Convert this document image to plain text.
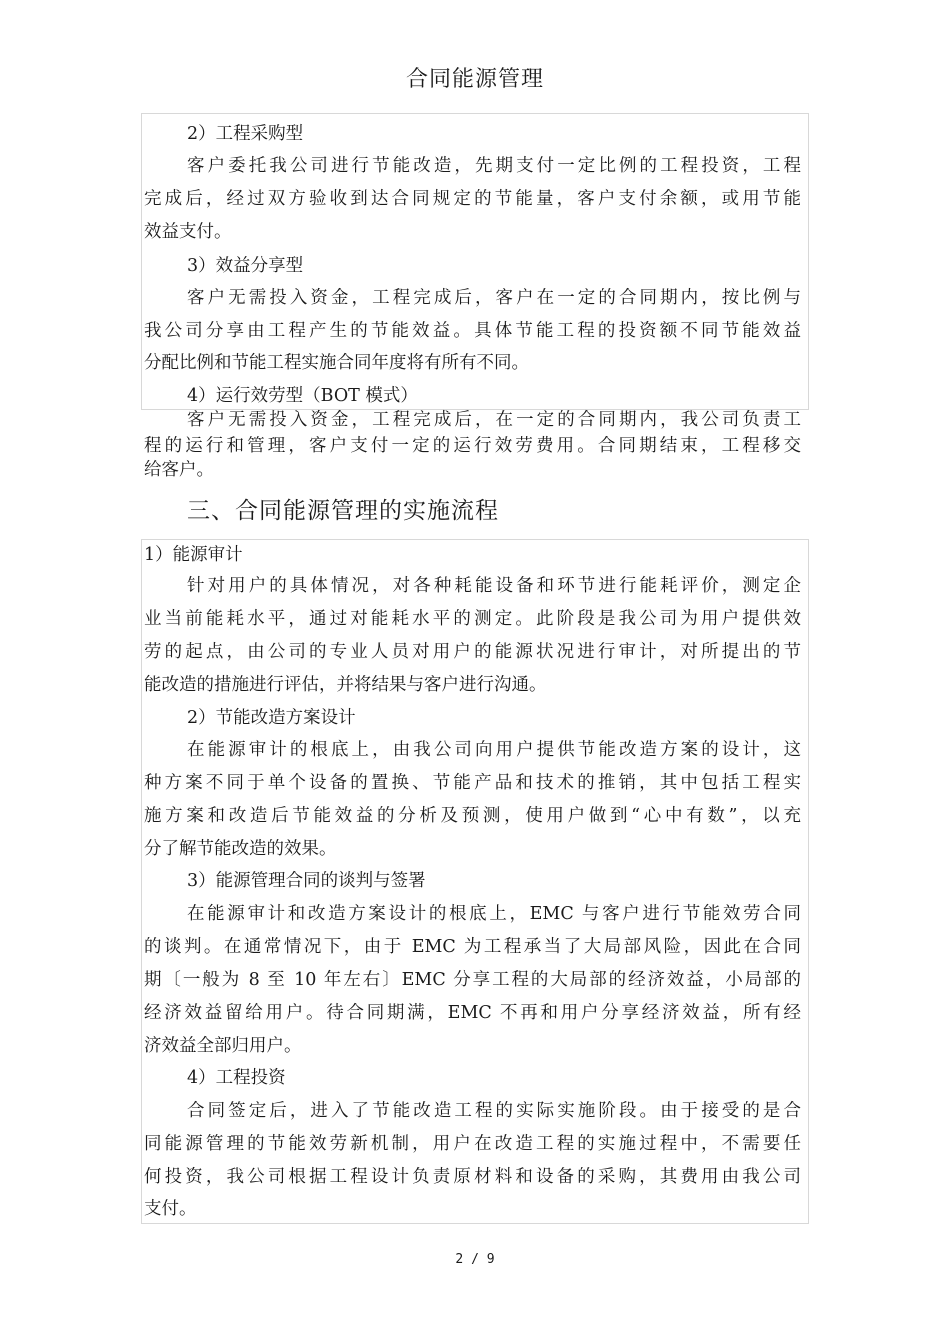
合同能源管理
2）工程采购型
客户委托我公司进行节能改造，先期支付一定比例的工程投资，工程
完成后，经过双方验收到达合同规定的节能量，客户支付余额，或用节能
效益支付。
3）效益分享型
客户无需投入资金，工程完成后，客户在一定的合同期内，按比例与
我公司分享由工程产生的节能效益。具体节能工程的投资额不同节能效益
分配比例和节能工程实施合同年度将有所有不同。
4）运行效劳型（BOT 模式）
客户无需投入资金，工程完成后，在一定的合同期内，我公司负责工
程的运行和管理，客户支付一定的运行效劳费用。合同期结束，工程移交
给客户。
三、合同能源管理的实施流程
1）能源审计
针对用户的具体情况，对各种耗能设备和环节进行能耗评价，测定企
业当前能耗水平，通过对能耗水平的测定。此阶段是我公司为用户提供效
劳的起点，由公司的专业人员对用户的能源状况进行审计，对所提出的节
能改造的措施进行评估，并将结果与客户进行沟通。
2）节能改造方案设计
在能源审计的根底上，由我公司向用户提供节能改造方案的设计，这
种方案不同于单个设备的置换、节能产品和技术的推销，其中包括工程实
施方案和改造后节能效益的分析及预测，使用户做到“心中有数”，以充
分了解节能改造的效果。
3）能源管理合同的谈判与签署
在能源审计和改造方案设计的根底上，EMC 与客户进行节能效劳合同
的谈判。在通常情况下，由于 EMC 为工程承当了大局部风险，因此在合同
期〔一般为 8 至 10 年左右〕EMC 分享工程的大局部的经济效益，小局部的
经济效益留给用户。待合同期满，EMC 不再和用户分享经济效益，所有经
济效益全部归用户。
4）工程投资
合同签定后，进入了节能改造工程的实际实施阶段。由于接受的是合
同能源管理的节能效劳新机制，用户在改造工程的实施过程中，不需要任
何投资，我公司根据工程设计负责原材料和设备的采购，其费用由我公司
支付。
2 / 9
